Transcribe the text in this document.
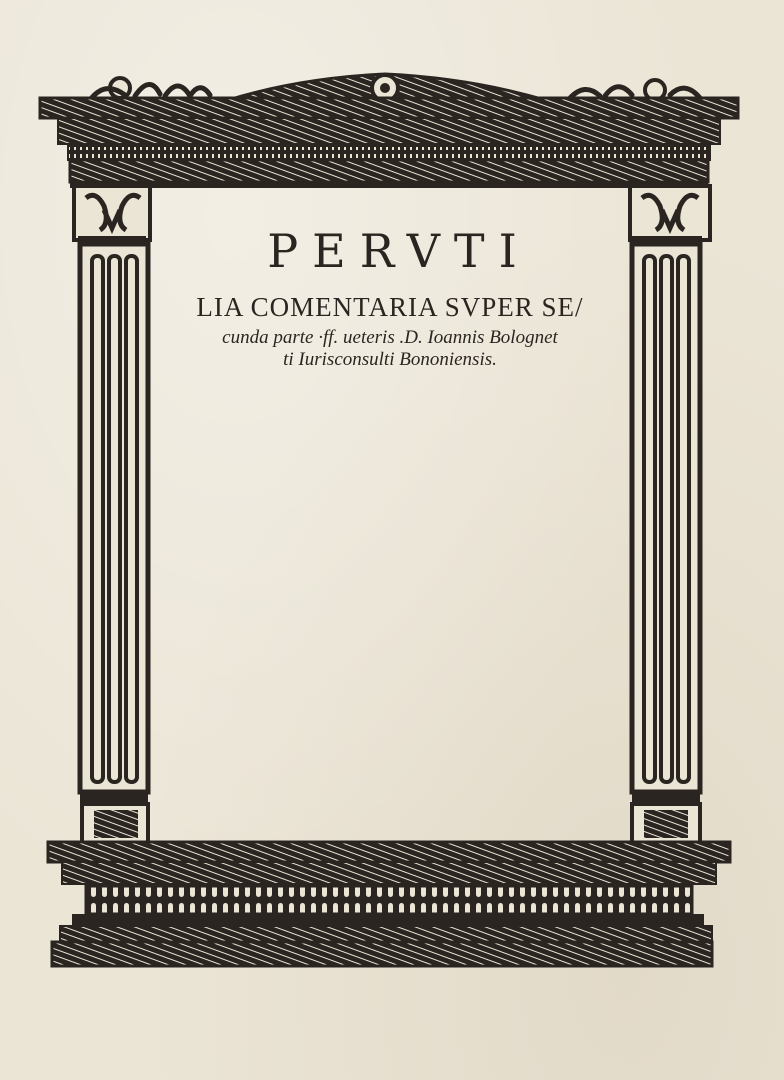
PERVTI
LIA COMENTARIA SVPER SE/
cunda parte ·ff. ueteris .D. Ioannis Bolognet
ti Iurisconsulti Bononiensis.
